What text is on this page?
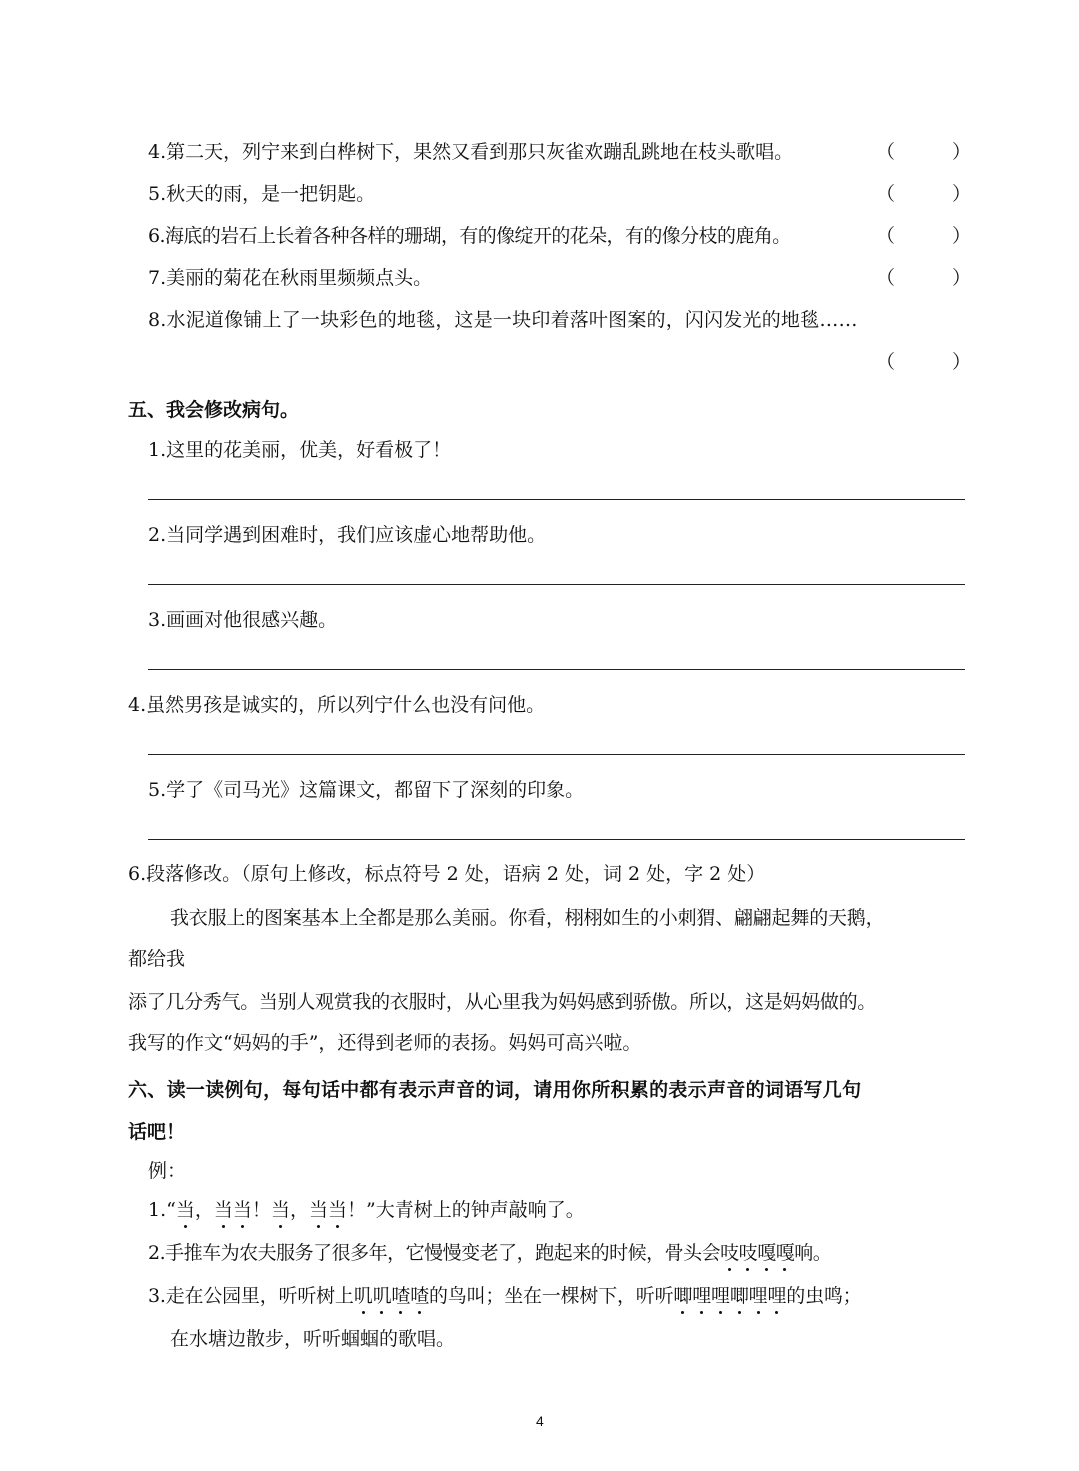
4.第二天，列宁来到白桦树下，果然又看到那只灰雀欢蹦乱跳地在枝头歌唱。	（	）
5.秋天的雨，是一把钥匙。	（	）
6.海底的岩石上长着各种各样的珊瑚，有的像绽开的花朵，有的像分枝的鹿角。	（	）
7.美丽的菊花在秋雨里频频点头。	（	）
8.水泥道像铺上了一块彩色的地毯，这是一块印着落叶图案的，闪闪发光的地毯……
（	）
五、我会修改病句。
1.这里的花美丽，优美，好看极了！
2.当同学遇到困难时，我们应该虚心地帮助他。
3.画画对他很感兴趣。
4.虽然男孩是诚实的，所以列宁什么也没有问他。
5.学了《司马光》这篇课文，都留下了深刻的印象。
6.段落修改。（原句上修改，标点符号 2 处，语病 2 处，词 2 处，字 2 处）
我衣服上的图案基本上全都是那么美丽。你看，栩栩如生的小刺猬、翩翩起舞的天鹅，
都给我
添了几分秀气。当别人观赏我的衣服时，从心里我为妈妈感到骄傲。所以，这是妈妈做的。
我写的作文“妈妈的手”，还得到老师的表扬。妈妈可高兴啦。
六、读一读例句，每句话中都有表示声音的词，请用你所积累的表示声音的词语写几句
话吧！
例：
1.“当，当当！当，当当！”大青树上的钟声敲响了。
2.手推车为农夫服务了很多年，它慢慢变老了，跑起来的时候，骨头会吱吱嘎嘎响。
3.走在公园里，听听树上叽叽喳喳的鸟叫；坐在一棵树下，听听唧哩哩唧哩哩的虫鸣；
在水塘边散步，听听蝈蝈的歌唱。
4
